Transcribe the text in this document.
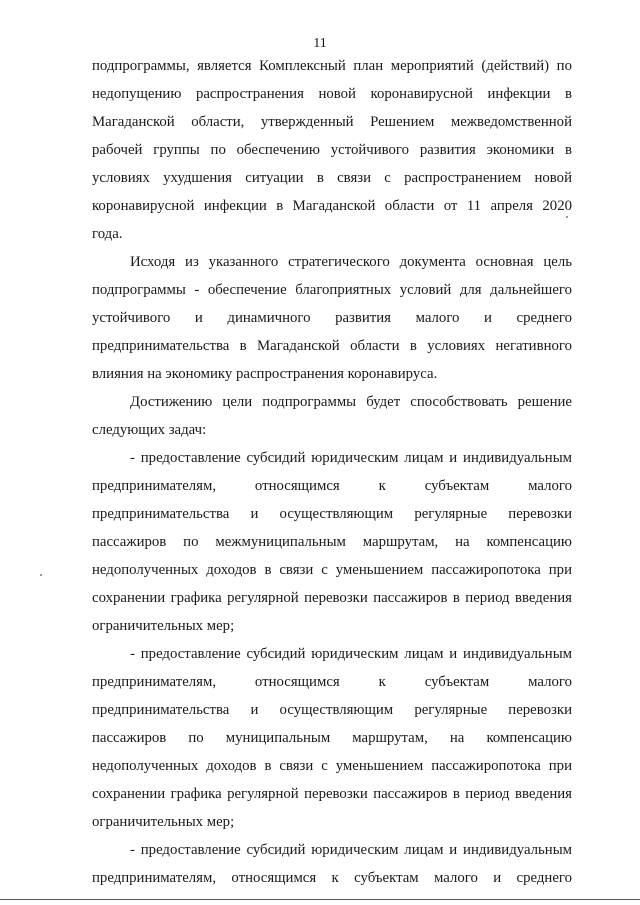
11
подпрограммы, является Комплексный план мероприятий (действий) по
недопущению распространения новой коронавирусной инфекции в
Магаданской области, утвержденный Решением межведомственной
рабочей группы по обеспечению устойчивого развития экономики в
условиях ухудшения ситуации в связи с распространением новой
коронавирусной инфекции в Магаданской области от 11 апреля 2020
года.
Исходя из указанного стратегического документа основная цель
подпрограммы - обеспечение благоприятных условий для дальнейшего
устойчивого и динамичного развития малого и среднего
предпринимательства в Магаданской области в условиях негативного
влияния на экономику распространения коронавируса.
Достижению цели подпрограммы будет способствовать решение
следующих задач:
- предоставление субсидий юридическим лицам и индивидуальным
предпринимателям, относящимся к субъектам малого
предпринимательства и осуществляющим регулярные перевозки
пассажиров по межмуниципальным маршрутам, на компенсацию
недополученных доходов в связи с уменьшением пассажиропотока при
сохранении графика регулярной перевозки пассажиров в период введения
ограничительных мер;
- предоставление субсидий юридическим лицам и индивидуальным
предпринимателям, относящимся к субъектам малого
предпринимательства и осуществляющим регулярные перевозки
пассажиров по муниципальным маршрутам, на компенсацию
недополученных доходов в связи с уменьшением пассажиропотока при
сохранении графика регулярной перевозки пассажиров в период введения
ограничительных мер;
- предоставление субсидий юридическим лицам и индивидуальным
предпринимателям, относящимся к субъектам малого и среднего
